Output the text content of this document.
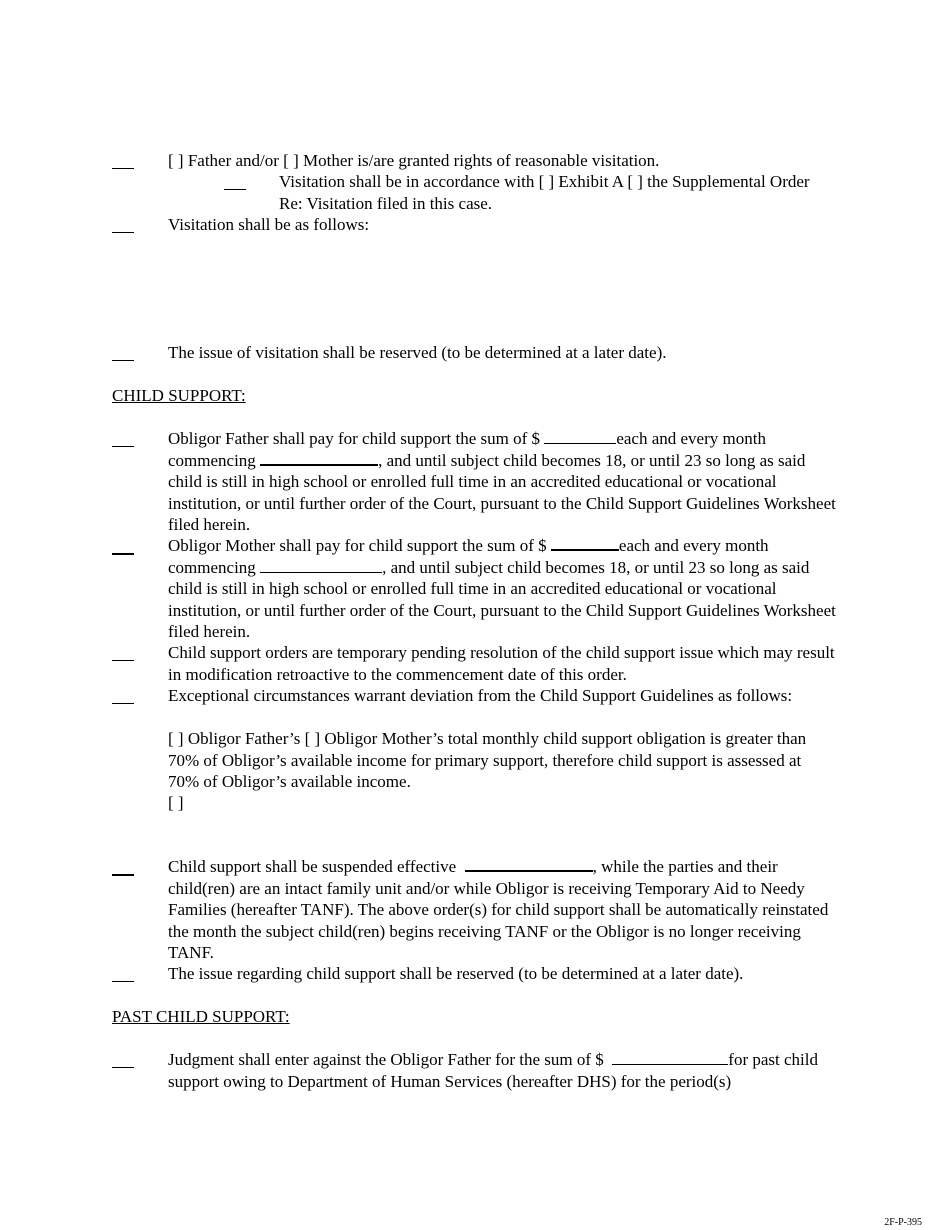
[ ] Father and/or [ ] Mother is/are granted rights of reasonable visitation.

Visitation shall be in accordance with [ ] Exhibit A [ ] the Supplemental Order Re: Visitation filed in this case.

Visitation shall be as follows:

The issue of visitation shall be reserved (to be determined at a later date).

CHILD SUPPORT:

Obligor Father shall pay for child support the sum of $	each and every month commencing	, and until subject child becomes 18, or until 23 so long as said child is still in high school or enrolled full time in an accredited educational or vocational institution, or until further order of the Court, pursuant to the Child Support Guidelines Worksheet filed herein.

Obligor Mother shall pay for child support the sum of $	each and every month commencing	, and until subject child becomes 18, or until 23 so long as said child is still in high school or enrolled full time in an accredited educational or vocational institution, or until further order of the Court, pursuant to the Child Support Guidelines Worksheet filed herein.

Child support orders are temporary pending resolution of the child support issue which may result in modification retroactive to the commencement date of this order.

Exceptional circumstances warrant deviation from the Child Support Guidelines as follows:

[ ] Obligor Father’s [ ] Obligor Mother’s total monthly child support obligation is greater than 70% of Obligor’s available income for primary support, therefore child support is assessed at 70% of Obligor’s available income.

[ ]

Child support shall be suspended effective	, while the parties and their child(ren) are an intact family unit and/or while Obligor is receiving Temporary Aid to Needy Families (hereafter TANF). The above order(s) for child support shall be automatically reinstated the month the subject child(ren) begins receiving TANF or the Obligor is no longer receiving TANF.

The issue regarding child support shall be reserved (to be determined at a later date).

PAST CHILD SUPPORT:

Judgment shall enter against the Obligor Father for the sum of $	for past child support owing to Department of Human Services (hereafter DHS) for the period(s)

2F-P-395
